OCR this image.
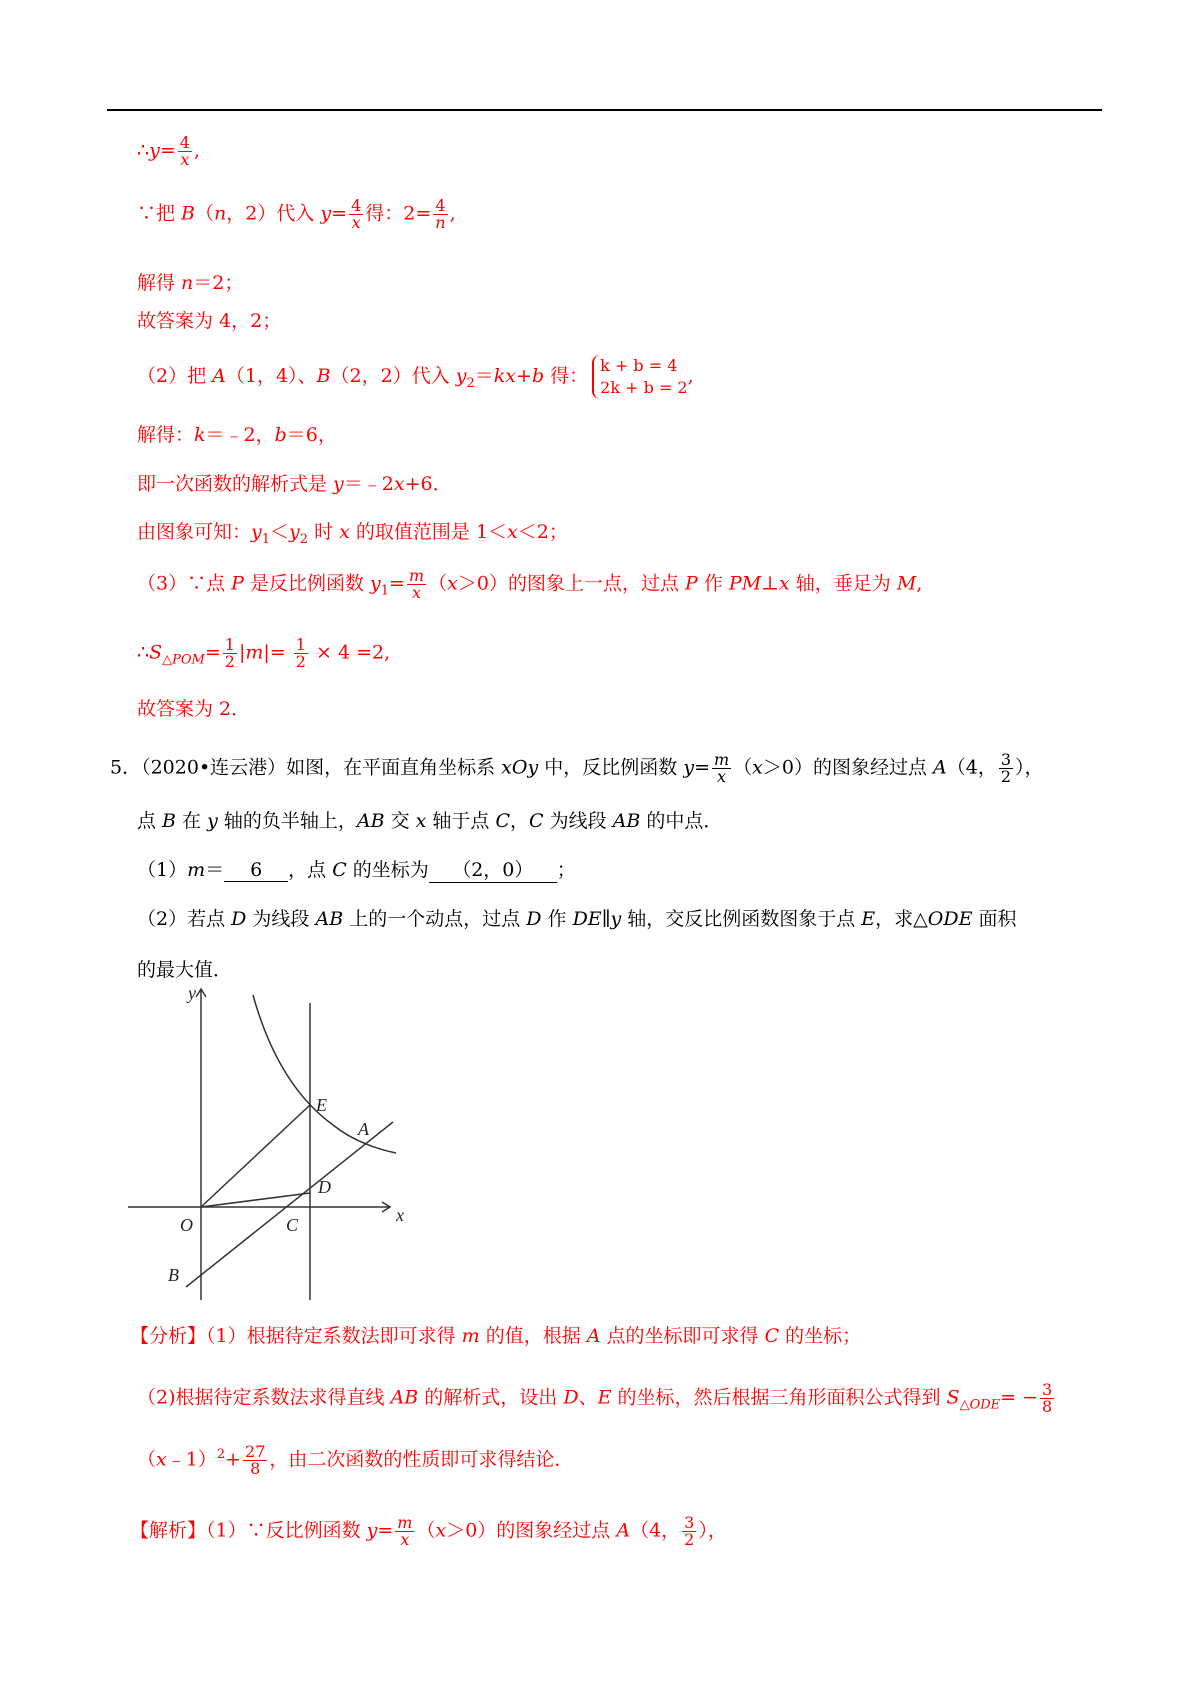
∴y= $\frac{4}{x}$ ,
∵把 B（n，2）代入 $y= \frac{4}{x}$ 得：$2= \frac{4}{n}$ ,
解得 n＝2；
故答案为 4，2；
（2）把 A（1，4）、B（2，2）代入 $y_2=kx+b$ 得： k + b = 4
2k + b = 2
,
解得：k＝﹣2，b＝6，
即一次函数的解析式是 y＝﹣2x+6．
由图象可知：$y_1<y_2$ 时 x 的取值范围是 1＜x＜2；
（3）∵点 P 是反比例函数 $y_1= \frac{m}{x} (x>0)$的图象上一点，过点 P 作 PM⊥x 轴，垂足为 M,
$\therefore S_{\triangle POM}= \frac{1}{2} |m|= \frac{1}{2} \times 4 =2$,
故答案为 2．
5．（2020•连云港）如图，在平面直角坐标系 xOy 中，反比例函数 $y= \frac{m}{x} (x>0)$的图象经过点 A（4， $\frac{3}{2}$ ），
点 B 在 y 轴的负半轴上，AB 交 x 轴于点 C，C 为线段 AB 的中点．
（1）m＝ 6 ，点 C 的坐标为 （2，0） ；
（2）若点 D 为线段 AB 上的一个动点，过点 D 作 DE∥y 轴，交反比例函数图象于点 E，求△ODE 面积
的最大值．
y
x
O	C
B
D
E
A
【分析】（1）根据待定系数法即可求得 m 的值，根据 A 点的坐标即可求得 C 的坐标；
（2)根据待定系数法求得直线 AB 的解析式，设出 D、E 的坐标，然后根据三角形面积公式得到 $S_{\triangle ODE}= - \frac{3}{8}$
（x﹣1）$^2$+ $\frac{27}{8}$ ，由二次函数的性质即可求得结论．
【解析】（1）∵反比例函数 $y= \frac{m}{x} (x>0)$的图象经过点 A（4， $\frac{3}{2}$ ），
